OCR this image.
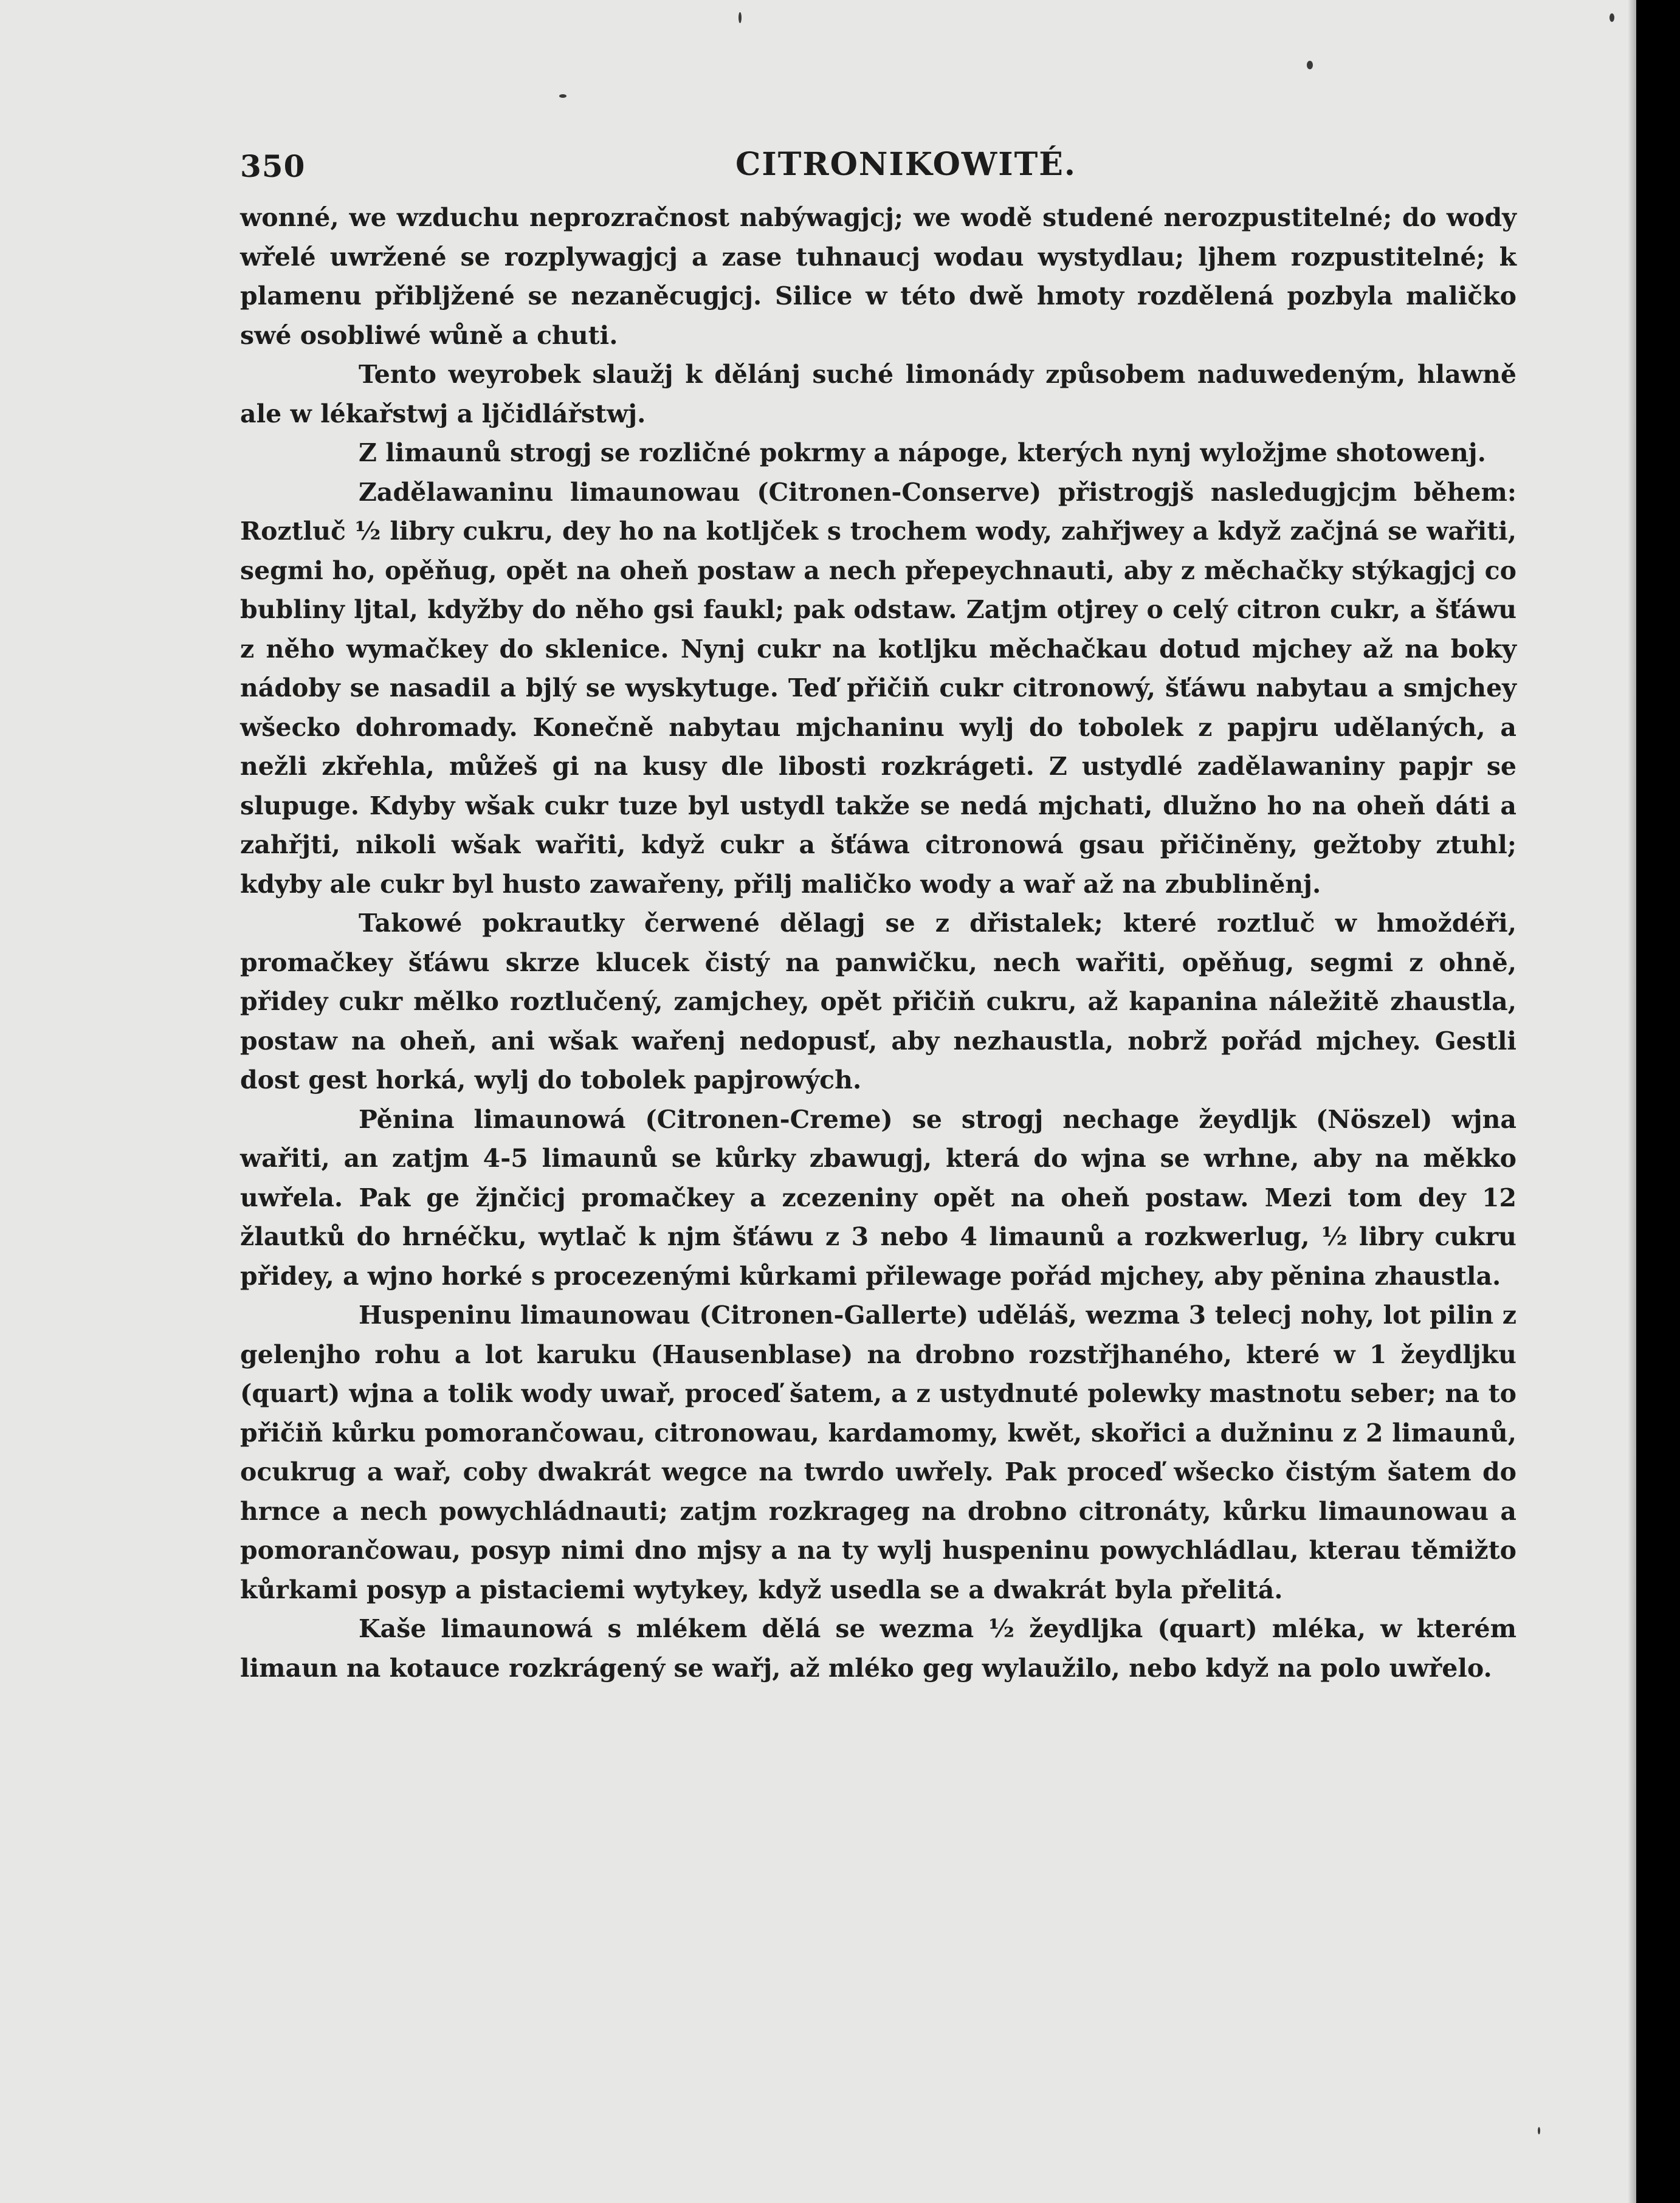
350	CITRONIKOWITÉ.

wonné, we wzduchu neprozračnost nabýwagjcj; we wodě studené nerozpustitelné; do wody wřelé uwržené se rozplywagjcj a zase tuhnaucj wodau wystydlau; ljhem rozpustitelné; k plamenu přibljžené se nezaněcugjcj. Silice w této dwě hmoty rozdělená pozbyla maličko swé osobliwé wůně a chuti.

Tento weyrobek slaužj k dělánj suché limonády způsobem naduwedeným, hlawně ale w lékařstwj a ljčidlářstwj.

Z limaunů strogj se rozličné pokrmy a nápoge, kterých nynj wyložjme shotowenj.

Zadělawaninu limaunowau (Citronen-Conserve) přistrogjš nasledugjcjm během: Roztluč ½ libry cukru, dey ho na kotljček s trochem wody, zahřjwey a když začjná se wařiti, segmi ho, opěňug, opět na oheň postaw a nech přepeychnauti, aby z měchačky stýkagjcj co bubliny ljtal, kdyžby do něho gsi faukl; pak odstaw. Zatjm otjrey o celý citron cukr, a šťáwu z něho wymačkey do sklenice. Nynj cukr na kotljku měchačkau dotud mjchey až na boky nádoby se nasadil a bjlý se wyskytuge. Teď přičiň cukr citronowý, šťáwu nabytau a smjchey wšecko dohromady. Konečně nabytau mjchaninu wylj do tobolek z papjru udělaných, a nežli zkřehla, můžeš gi na kusy dle libosti rozkrágeti. Z ustydlé zadělawaniny papjr se slupuge. Kdyby wšak cukr tuze byl ustydl takže se nedá mjchati, dlužno ho na oheň dáti a zahřjti, nikoli wšak wařiti, když cukr a šťáwa citronowá gsau přičiněny, gežtoby ztuhl; kdyby ale cukr byl husto zawařeny, přilj maličko wody a wař až na zbubliněnj.

Takowé pokrautky čerwené dělagj se z dřistalek; které roztluč w hmoždéři, promačkey šťáwu skrze klucek čistý na panwičku, nech wařiti, opěňug, segmi z ohně, přidey cukr mělko roztlučený, zamjchey, opět přičiň cukru, až kapanina náležitě zhaustla, postaw na oheň, ani wšak wařenj nedopusť, aby nezhaustla, nobrž pořád mjchey. Gestli dost gest horká, wylj do tobolek papjrowých.

Pěnina limaunowá (Citronen-Creme) se strogj nechage žeydljk (Nöszel) wjna wařiti, an zatjm 4-5 limaunů se kůrky zbawugj, která do wjna se wrhne, aby na měkko uwřela. Pak ge žjnčicj promačkey a zcezeniny opět na oheň postaw. Mezi tom dey 12 žlautků do hrnéčku, wytlač k njm šťáwu z 3 nebo 4 limaunů a rozkwerlug, ½ libry cukru přidey, a wjno horké s procezenými kůrkami přilewage pořád mjchey, aby pěnina zhaustla.

Huspeninu limaunowau (Citronen-Gallerte) uděláš, wezma 3 telecj nohy, lot pilin z gelenjho rohu a lot karuku (Hausenblase) na drobno rozstřjhaného, které w 1 žeydljku (quart) wjna a tolik wody uwař, proceď šatem, a z ustydnuté polewky mastnotu seber; na to přičiň kůrku pomorančowau, citronowau, kardamomy, kwět, skořici a dužninu z 2 limaunů, ocukrug a wař, coby dwakrát wegce na twrdo uwřely. Pak proceď wšecko čistým šatem do hrnce a nech powychládnauti; zatjm rozkrageg na drobno citronáty, kůrku limaunowau a pomorančowau, posyp nimi dno mjsy a na ty wylj huspeninu powychládlau, kterau těmižto kůrkami posyp a pistaciemi wytykey, když usedla se a dwakrát byla přelitá.

Kaše limaunowá s mlékem dělá se wezma ½ žeydljka (quart) mléka, w kterém limaun na kotauce rozkrágený se wařj, až mléko geg wylaužilo, nebo když na polo uwřelo.
